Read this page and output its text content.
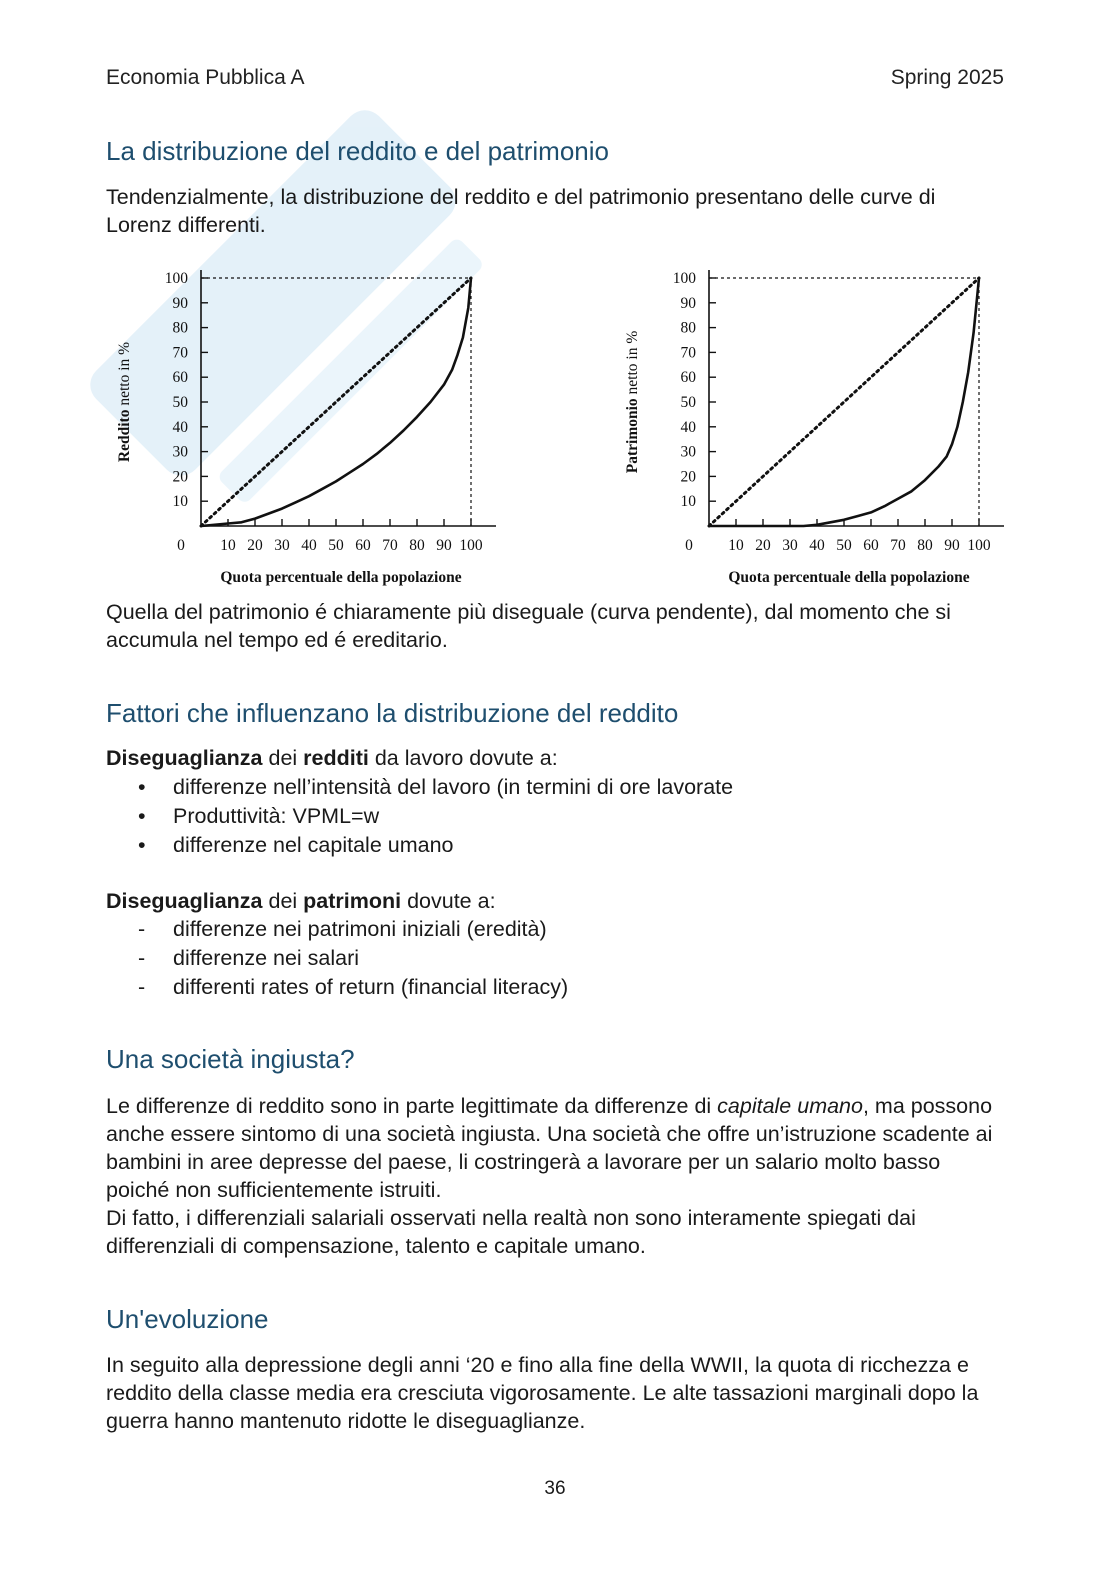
Economia Pubblica A	Spring 2025
La distribuzione del reddito e del patrimonio

Tendenzialmente, la distribuzione del reddito e del patrimonio presentano delle curve di Lorenz differenti.

10
20
30
40
50
60
70
80
90
100
10 20 30 40 50 60 70 80 90 100
0
Quota percentuale della popolazione
Reddito netto in %
10
20
30
40
50
60
70
80
90
100
10 20 30 40 50 60 70 80 90 100
0
Quota percentuale della popolazione
Patrimonio netto in %

Quella del patrimonio é chiaramente più diseguale (curva pendente), dal momento che si accumula nel tempo ed é ereditario.

Fattori che influenzano la distribuzione del reddito

Diseguaglianza dei redditi da lavoro dovute a:

• differenze nell’intensità del lavoro (in termini di ore lavorate
• Produttività: VPML=w
• differenze nel capitale umano

Diseguaglianza dei patrimoni dovute a:

- differenze nei patrimoni iniziali (eredità)
- differenze nei salari
- differenti rates of return (financial literacy)
Una società ingiusta?

Le differenze di reddito sono in parte legittimate da differenze di capitale umano, ma possono anche essere sintomo di una società ingiusta. Una società che offre un’istruzione scadente ai bambini in aree depresse del paese, li costringerà a lavorare per un salario molto basso poiché non sufficientemente istruiti.
Di fatto, i differenziali salariali osservati nella realtà non sono interamente spiegati dai differenziali di compensazione, talento e capitale umano.

Un'evoluzione

In seguito alla depressione degli anni ‘20 e fino alla fine della WWII, la quota di ricchezza e reddito della classe media era cresciuta vigorosamente. Le alte tassazioni marginali dopo la guerra hanno mantenuto ridotte le diseguaglianze.

36
